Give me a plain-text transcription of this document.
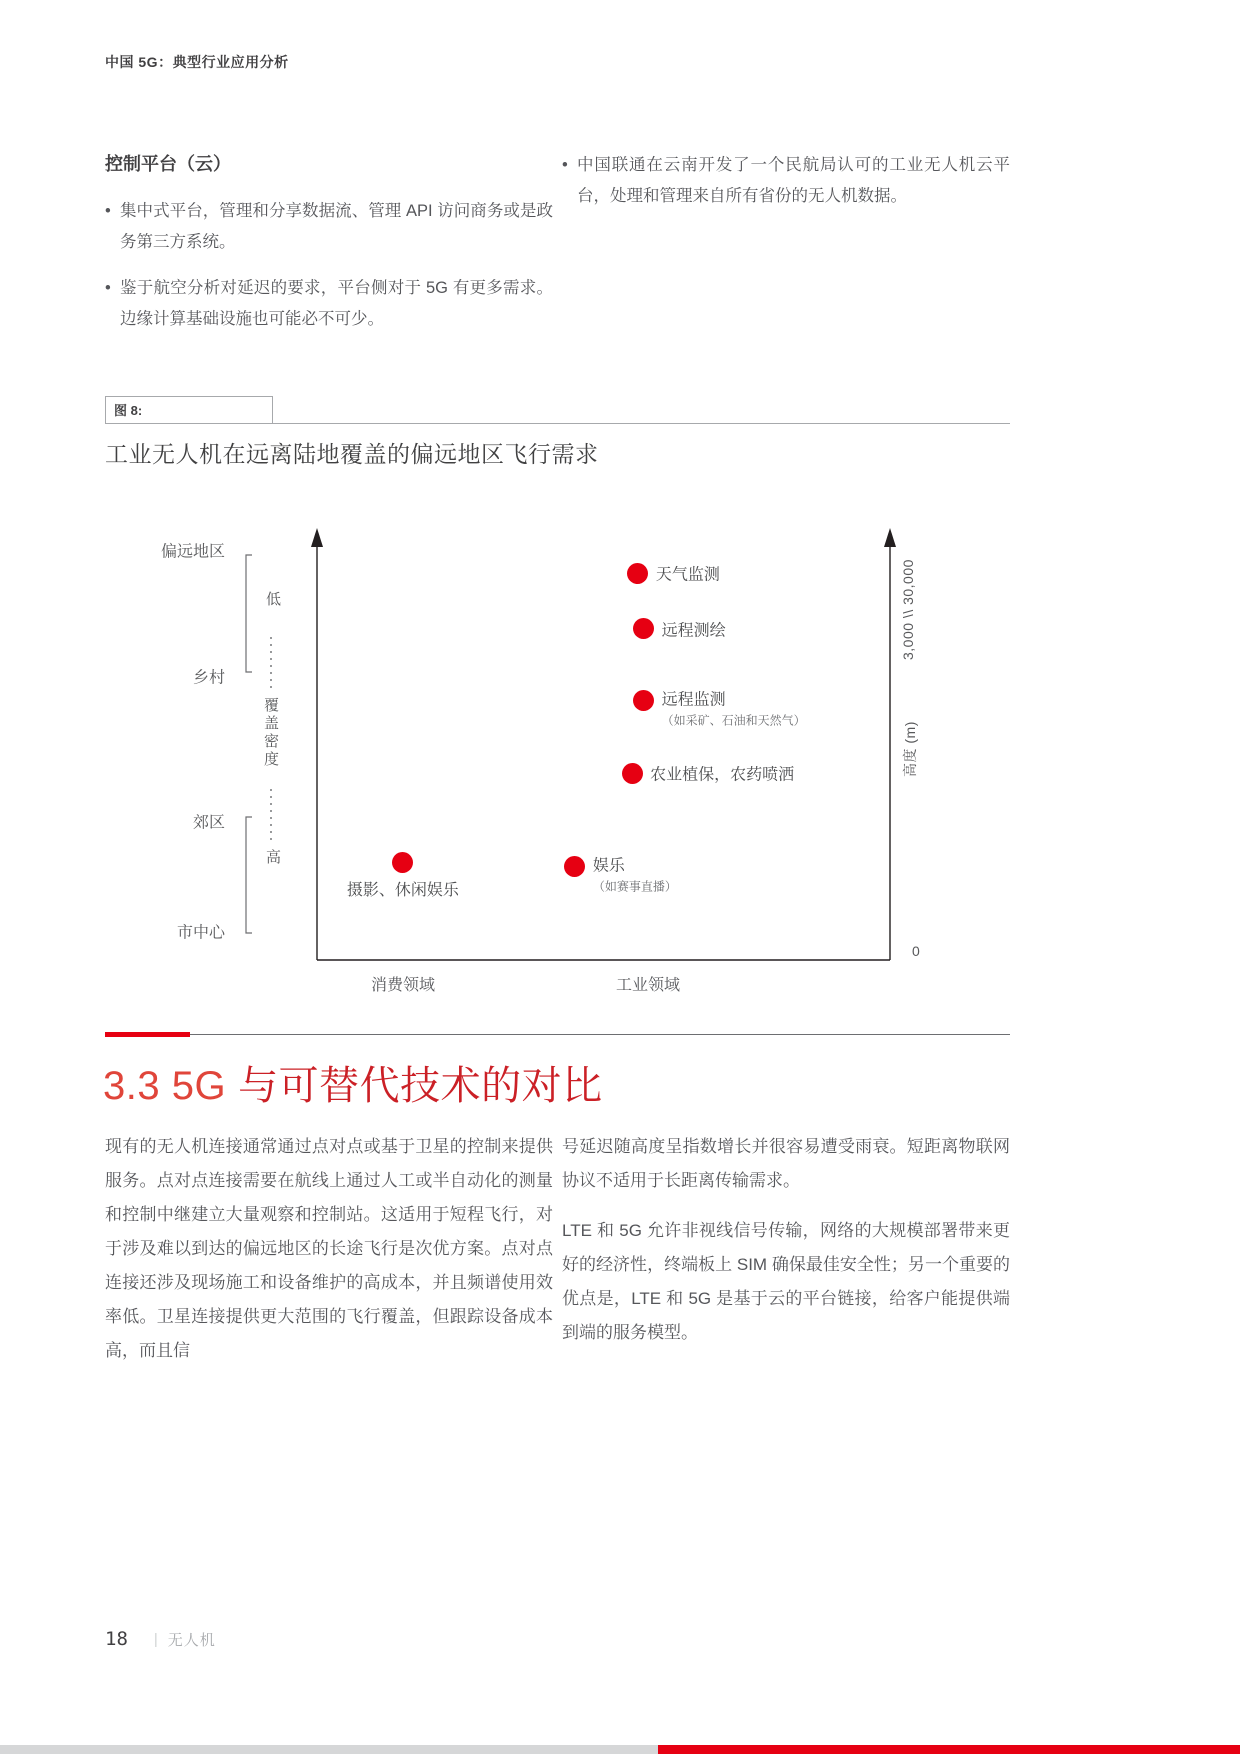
中国 5G：典型行业应用分析
控制平台（云）
• 集中式平台，管理和分享数据流、管理 API 访问商务或是政务第三方系统。
• 鉴于航空分析对延迟的要求，平台侧对于 5G 有更多需求。边缘计算基础设施也可能必不可少。
• 中国联通在云南开发了一个民航局认可的工业无人机云平台，处理和管理来自所有省份的无人机数据。
图 8:
工业无人机在远离陆地覆盖的偏远地区飞行需求
偏远地区
乡村
郊区
市中心
低
覆盖密度
高
3,000 \\ 30,000
高度 (m)
0
天气监测
远程测绘
远程监测
（如采矿、石油和天然气）
农业植保，农药喷洒
娱乐
（如赛事直播）
摄影、休闲娱乐
消费领域	工业领域
3.3 5G 与可替代技术的对比

现有的无人机连接通常通过点对点或基于卫星的控制来提供服务。点对点连接需要在航线上通过人工或半自动化的测量和控制中继建立大量观察和控制站。这适用于短程飞行，对于涉及难以到达的偏远地区的长途飞行是次优方案。点对点连接还涉及现场施工和设备维护的高成本，并且频谱使用效率低。卫星连接提供更大范围的飞行覆盖，但跟踪设备成本高，而且信

号延迟随高度呈指数增长并很容易遭受雨衰。短距离物联网协议不适用于长距离传输需求。

LTE 和 5G 允许非视线信号传输，网络的大规模部署带来更好的经济性，终端板上 SIM 确保最佳安全性；另一个重要的优点是，LTE 和 5G 是基于云的平台链接，给客户能提供端到端的服务模型。

18 | 无人机
